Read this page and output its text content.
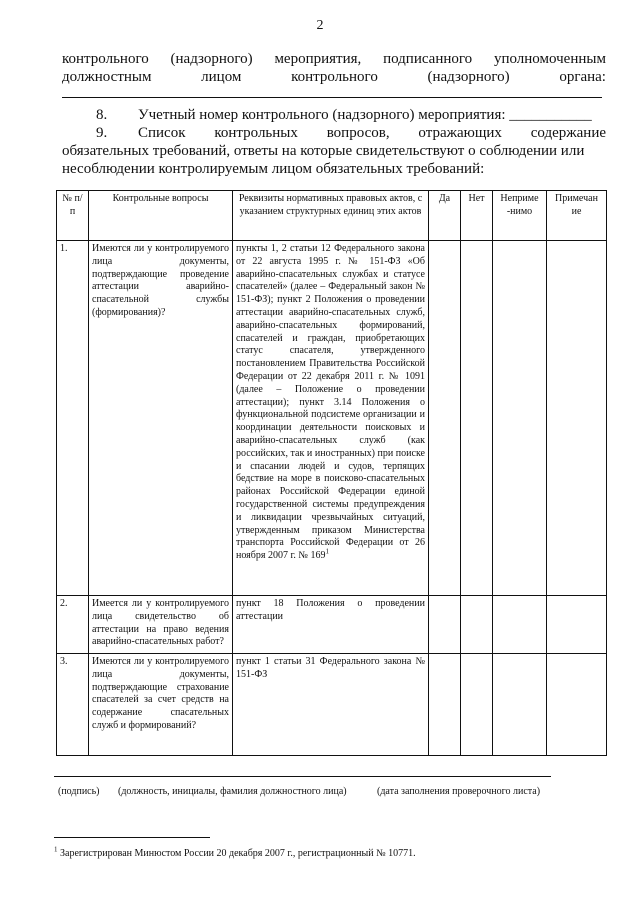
2
контрольного (надзорного) мероприятия, подписанного уполномоченным
должностным	лицом	контрольного	(надзорного)	органа:
8. Учетный номер контрольного (надзорного) мероприятия: ___________
9. Список контрольных вопросов, отражающих содержание
обязательных требований, ответы на которые свидетельствуют о соблюдении или
несоблюдении контролируемым лицом обязательных требований:
№ п/п	Контрольные вопросы	Реквизиты нормативных правовых актов, с указанием структурных единиц этих актов	Да	Нет	Неприме -нимо	Примечан ие
1.	Имеются ли у контролируемого лица документы, подтверждающие проведение аттестации аварийно-спасательной службы (формирования)?	пункты 1, 2 статьи 12 Федерального закона от 22 августа 1995 г. № 151-ФЗ «Об аварийно-спасательных службах и статусе спасателей» (далее – Федеральный закон № 151-ФЗ); пункт 2 Положения о проведении аттестации аварийно-спасательных служб, аварийно-спасательных формирований, спасателей и граждан, приобретающих статус спасателя, утвержденного постановлением Правительства Российской Федерации от 22 декабря 2011 г. № 1091 (далее – Положение о проведении аттестации); пункт 3.14 Положения о функциональной подсистеме организации и координации деятельности поисковых и аварийно-спасательных служб (как российских, так и иностранных) при поиске и спасании людей и судов, терпящих бедствие на море в поисково-спасательных районах Российской Федерации единой государственной системы предупреждения и ликвидации чрезвычайных ситуаций, утвержденным приказом Министерства транспорта Российской Федерации от 26 ноября 2007 г. № $169^1$				
2.	Имеется ли у контролируемого лица свидетельство об аттестации на право ведения аварийно-спасательных работ?	пункт 18 Положения о проведении аттестации				
3.	Имеются ли у контролируемого лица документы, подтверждающие страхование спасателей за счет средств на содержание спасательных служб и формирований?	пункт 1 статьи 31 Федерального закона № 151-ФЗ				
(подпись) (должность, инициалы, фамилия должностного лица)	(дата заполнения проверочного листа)
$^1$ Зарегистрирован Минюстом России 20 декабря 2007 г., регистрационный № 10771.
